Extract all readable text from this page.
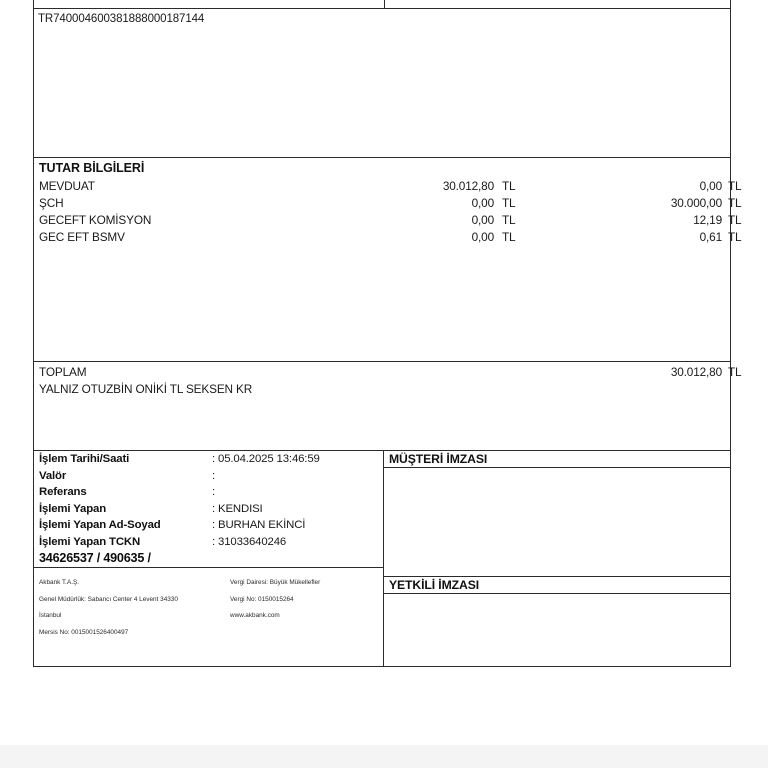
TR740004600381888000187144
TUTAR BİLGİLERİ
MEVDUAT	30.012,80 TL	0,00 TL
ŞCH	0,00 TL	30.000,00 TL
GECEFT KOMİSYON	0,00 TL	12,19 TL
GEC EFT BSMV	0,00 TL	0,61 TL
TOPLAM	30.012,80 TL
YALNIZ OTUZBİN ONİKİ TL SEKSEN KR
İşlem Tarihi/Saati	: 05.04.2025 13:46:59
Valör	:
Referans	:
İşlemi Yapan	: KENDISI
İşlemi Yapan Ad-Soyad	: BURHAN EKİNCİ
İşlemi Yapan TCKN	: 31033640246
34626537 / 490635 /
Akbank T.A.Ş.
Genel Müdürlük: Sabancı Center 4 Levent 34330
İstanbul
Mersis No: 0015001526400497
Vergi Dairesi: Büyük Mükellefler
Vergi No: 0150015264
www.akbank.com
MÜŞTERİ İMZASI
YETKİLİ İMZASI
